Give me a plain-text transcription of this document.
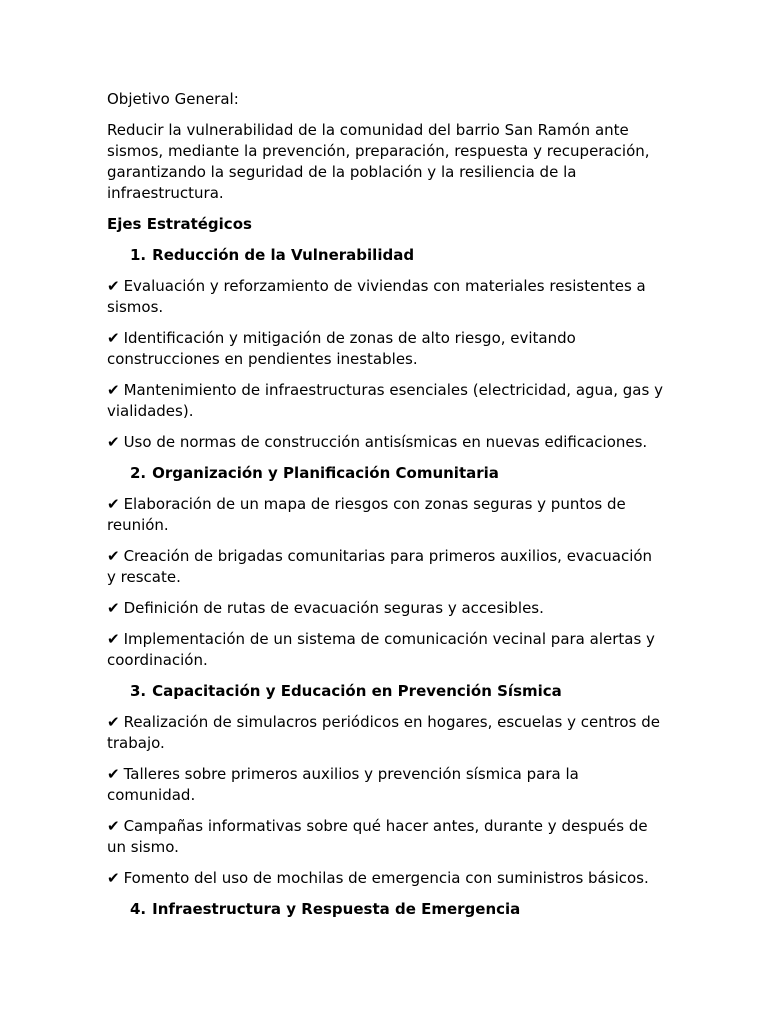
Objetivo General:

Reducir la vulnerabilidad de la comunidad del barrio San Ramón ante sismos, mediante la prevención, preparación, respuesta y recuperación, garantizando la seguridad de la población y la resiliencia de la infraestructura.

Ejes Estratégicos

1. Reducción de la Vulnerabilidad

✔ Evaluación y reforzamiento de viviendas con materiales resistentes a sismos.

✔ Identificación y mitigación de zonas de alto riesgo, evitando construcciones en pendientes inestables.

✔ Mantenimiento de infraestructuras esenciales (electricidad, agua, gas y vialidades).

✔ Uso de normas de construcción antisísmicas en nuevas edificaciones.

2. Organización y Planificación Comunitaria

✔ Elaboración de un mapa de riesgos con zonas seguras y puntos de reunión.

✔ Creación de brigadas comunitarias para primeros auxilios, evacuación y rescate.

✔ Definición de rutas de evacuación seguras y accesibles.

✔ Implementación de un sistema de comunicación vecinal para alertas y coordinación.

3. Capacitación y Educación en Prevención Sísmica

✔ Realización de simulacros periódicos en hogares, escuelas y centros de trabajo.

✔ Talleres sobre primeros auxilios y prevención sísmica para la comunidad.

✔ Campañas informativas sobre qué hacer antes, durante y después de un sismo.

✔ Fomento del uso de mochilas de emergencia con suministros básicos.

4. Infraestructura y Respuesta de Emergencia
